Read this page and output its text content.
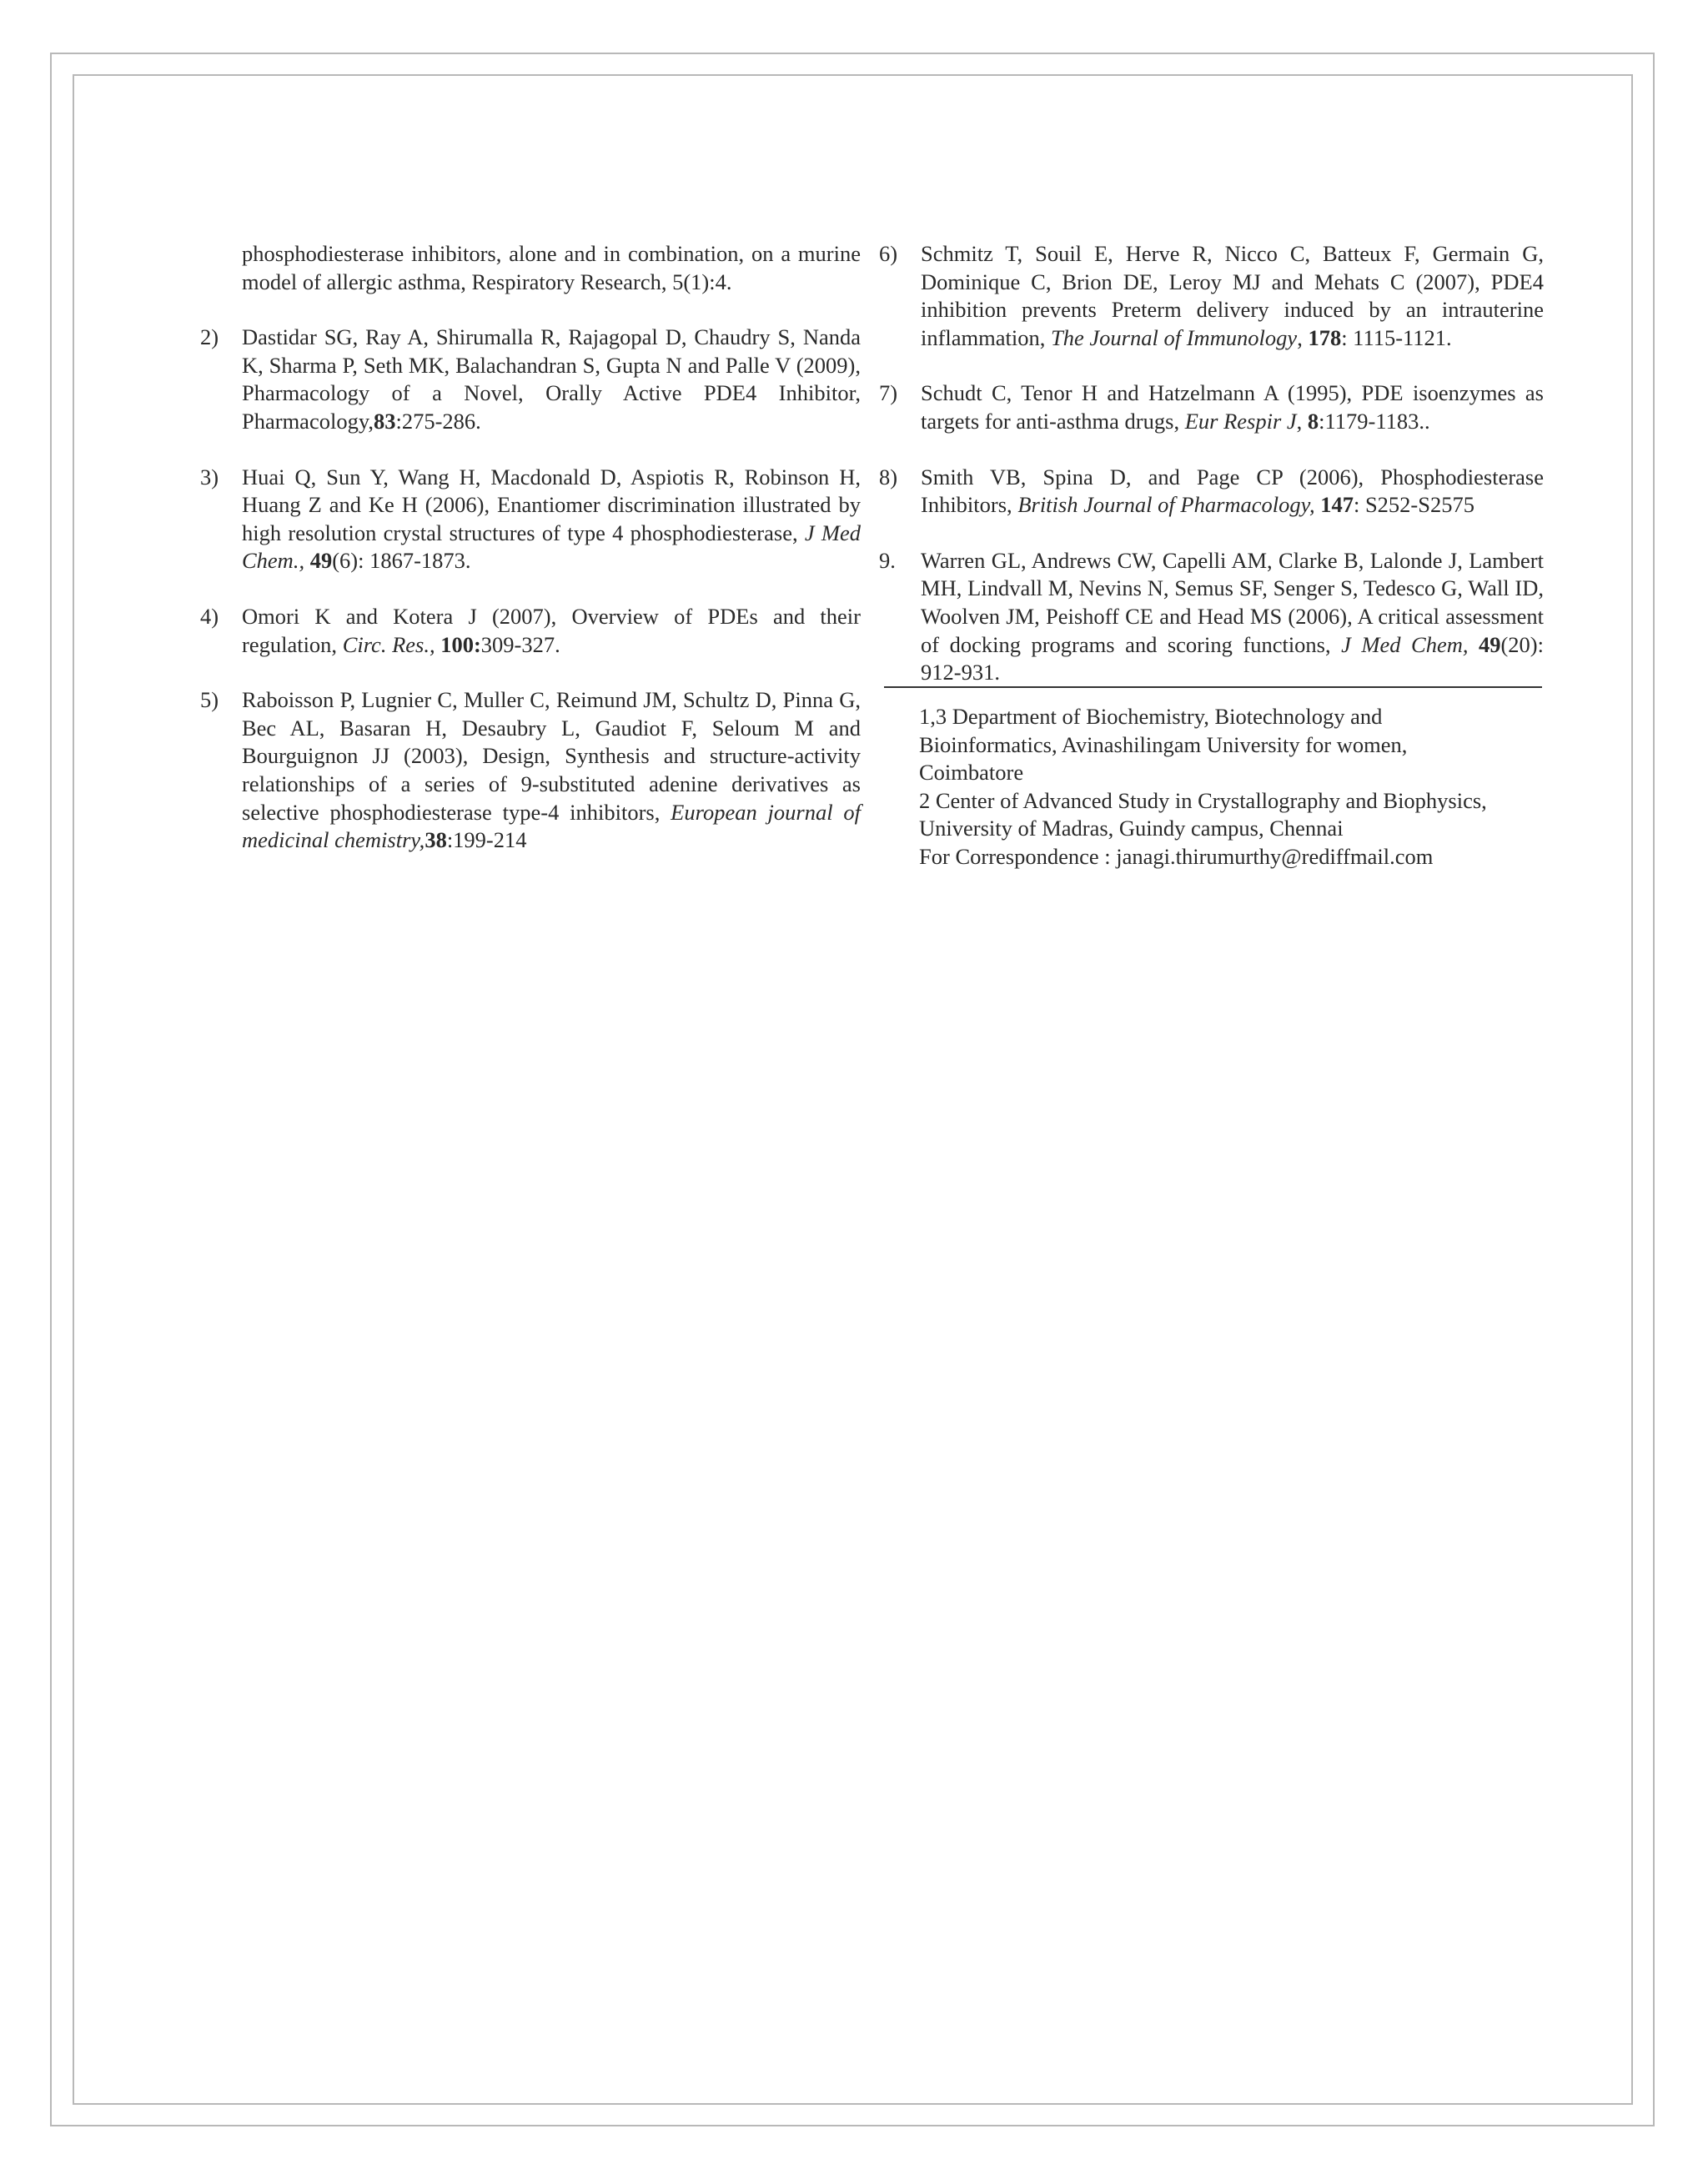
phosphodiesterase inhibitors, alone and in combination, on a murine model of allergic asthma, Respiratory Research, 5(1):4.
2)	Dastidar SG, Ray A, Shirumalla R, Rajagopal D, Chaudry S, Nanda K, Sharma P, Seth MK, Balachandran S, Gupta N and Palle V (2009), Pharmacology of a Novel, Orally Active PDE4 Inhibitor, Pharmacology,83:275-286.
3)	Huai Q, Sun Y, Wang H, Macdonald D, Aspiotis R, Robinson H, Huang Z and Ke H (2006), Enantiomer discrimination illustrated by high resolution crystal structures of type 4 phosphodiesterase, J Med Chem., 49(6): 1867-1873.
4)	Omori K and Kotera J (2007), Overview of PDEs and their regulation, Circ. Res., 100:309-327.
5)	Raboisson P, Lugnier C, Muller C, Reimund JM, Schultz D, Pinna G, Bec AL, Basaran H, Desaubry L, Gaudiot F, Seloum M and Bourguignon JJ (2003), Design, Synthesis and structure-activity relationships of a series of 9-substituted adenine derivatives as selective phosphodiesterase type-4 inhibitors, European journal of medicinal chemistry,38:199-214
6)	Schmitz T, Souil E, Herve R, Nicco C, Batteux F, Germain G, Dominique C, Brion DE, Leroy MJ and Mehats C (2007), PDE4 inhibition prevents Preterm delivery induced by an intrauterine inflammation, The Journal of Immunology, 178: 1115-1121.
7)	Schudt C, Tenor H and Hatzelmann A (1995), PDE isoenzymes as targets for anti-asthma drugs, Eur Respir J, 8:1179-1183..
8)	Smith VB, Spina D, and Page CP (2006), Phosphodiesterase Inhibitors, British Journal of Pharmacology, 147: S252-S2575
9.	Warren GL, Andrews CW, Capelli AM, Clarke B, Lalonde J, Lambert MH, Lindvall M, Nevins N, Semus SF, Senger S, Tedesco G, Wall ID, Woolven JM, Peishoff CE and Head MS (2006), A critical assessment of docking programs and scoring functions, J Med Chem, 49(20): 912-931.
1,3 Department of Biochemistry, Biotechnology and
Bioinformatics, Avinashilingam University for women,
Coimbatore
2 Center of Advanced Study in Crystallography and Biophysics,
University of Madras, Guindy campus, Chennai
For Correspondence : janagi.thirumurthy@rediffmail.com
